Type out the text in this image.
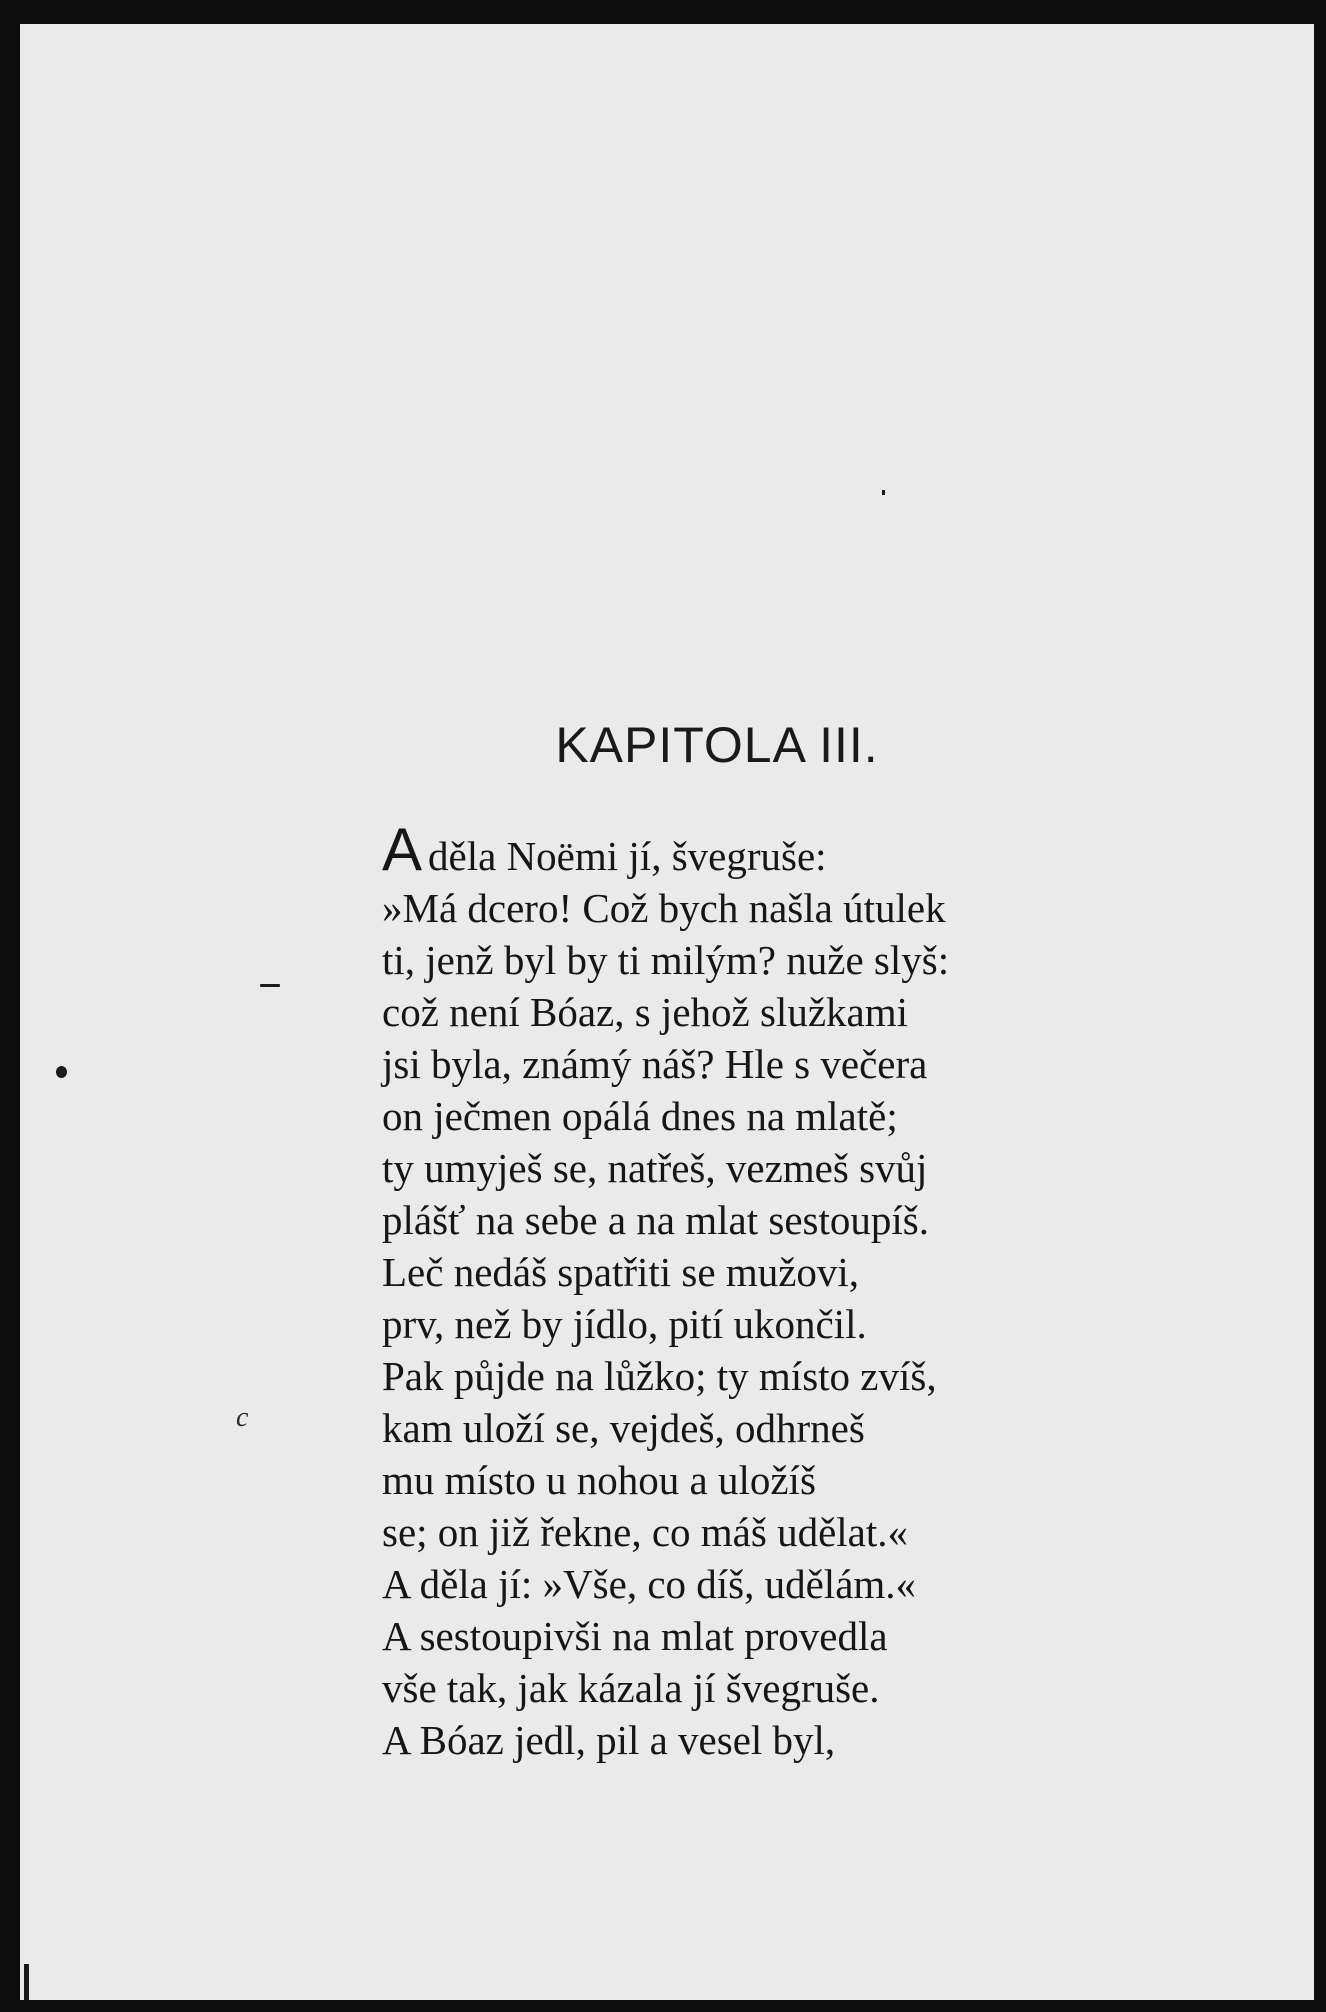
KAPITOLA III.
A děla Noëmi jí, švegruše:
»Má dcero! Což bych našla útulek
ti, jenž byl by ti milým? nuže slyš:
což není Bóaz, s jehož služkami
jsi byla, známý náš? Hle s večera
on ječmen opálá dnes na mlatě;
ty umyješ se, natřeš, vezmeš svůj
plášť na sebe a na mlat sestoupíš.
Leč nedáš spatřiti se mužovi,
prv, než by jídlo, pití ukončil.
Pak půjde na lůžko; ty místo zvíš,
kam uloží se, vejdeš, odhrneš
mu místo u nohou a uložíš
se; on již řekne, co máš udělat.«
A děla jí: »Vše, co díš, udělám.«
A sestoupivši na mlat provedla
vše tak, jak kázala jí švegruše.
A Bóaz jedl, pil a vesel byl,
c
